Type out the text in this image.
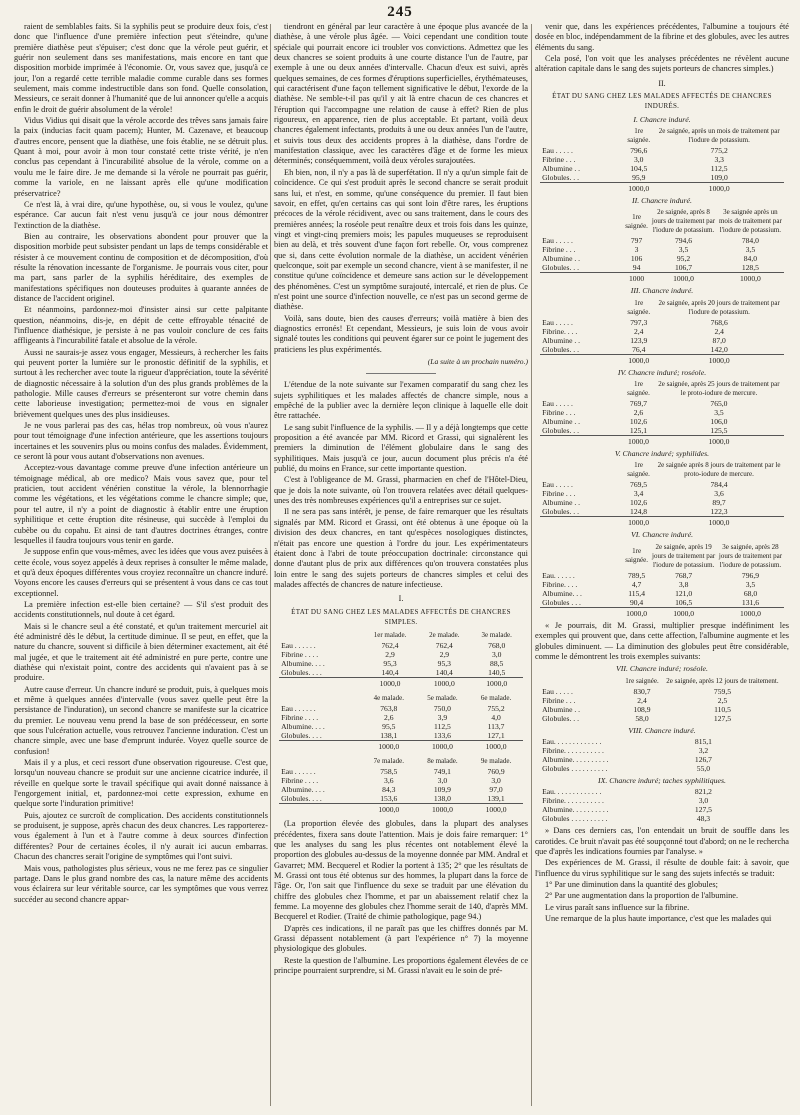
245

raient de semblables faits. Si la syphilis peut se produire deux fois, c'est donc que l'influence d'une première infection peut s'éteindre, qu'une première diathèse peut s'épuiser; c'est donc que la vérole peut guérir, et guérir non seulement dans ses manifestations, mais encore en tant que disposition morbide imprimée à l'économie. Or, vous savez que, jusqu'à ce jour, l'on a regardé cette terrible maladie comme curable dans ses formes seulement, mais comme indestructible dans son fond. Quelle consolation, Messieurs, ce serait donner à l'humanité que de lui annoncer qu'elle a acquis enfin le droit de guérir absolument de la vérole!

Vidus Vidius qui disait que la vérole accorde des trêves sans jamais faire la paix (inducias facit quam pacem); Hunter, M. Cazenave, et beaucoup d'autres encore, pensent que la diathèse, une fois établie, ne se détruit plus. Quant à moi, pour avoir à mon tour constaté cette triste vérité, je n'en conclus pas cependant à l'incurabilité absolue de la vérole, comme on a voulu me le faire dire. Je me demande si la vérole ne pourrait pas guérir, comme la variole, en ne laissant après elle qu'une modification préservatrice?

Ce n'est là, à vrai dire, qu'une hypothèse, ou, si vous le voulez, qu'une espérance. Car aucun fait n'est venu jusqu'à ce jour nous démontrer l'extinction de la diathèse.

Bien au contraire, les observations abondent pour prouver que la disposition morbide peut subsister pendant un laps de temps considérable et résister à ce mouvement continu de composition et de décomposition, d'où résulte la rénovation incessante de l'organisme. Je pourrais vous citer, pour ma part, sans parler de la syphilis héréditaire, des exemples de manifestations spécifiques non douteuses produites à quarante années de distance de l'accident originel.

Et néanmoins, pardonnez-moi d'insister ainsi sur cette palpitante question, néanmoins, dis-je, en dépit de cette effroyable ténacité de l'influence diathésique, je persiste à ne pas vouloir conclure de ces faits affligeants à l'incurabilité fatale et absolue de la vérole.

Aussi ne saurais-je assez vous engager, Messieurs, à rechercher les faits qui peuvent porter la lumière sur le pronostic définitif de la syphilis, et surtout à les rechercher avec toute la rigueur d'appréciation, toute la sévérité de diagnostic nécessaire à la solution d'un des plus grands problèmes de la pathologie. Mille causes d'erreurs se présenteront sur votre chemin dans cette laborieuse investigation; permettez-moi de vous en signaler brièvement quelques unes des plus insidieuses.

Je ne vous parlerai pas des cas, hélas trop nombreux, où vous n'aurez pour tout témoignage d'une infection antérieure, que les assertions toujours incertaines et les souvenirs plus ou moins confus des malades. Évidemment, ce seront là pour vous autant d'observations non avenues.

Acceptez-vous davantage comme preuve d'une infection antérieure un témoignage médical, ab ore medico? Mais vous savez que, pour tel praticien, tout accident vénérien constitue la vérole, la blennorrhagie comme les végétations, et les végétations comme le chancre simple; que, pour tel autre, il n'y a point de diagnostic à établir entre une éruption syphilitique et cette éruption dite résineuse, qui succède à l'emploi du cubèbe ou du copahu. Et ainsi de tant d'autres doctrines étranges, contre lesquelles il faudra toujours vous tenir en garde.

Je suppose enfin que vous-mêmes, avec les idées que vous avez puisées à cette école, vous soyez appelés à deux reprises à consulter le même malade, et qu'à deux époques différentes vous croyiez reconnaître un chancre induré. Voyons encore les causes d'erreurs qui se présentent à vous dans ce cas tout exceptionnel.

La première infection est-elle bien certaine? — S'il s'est produit des accidents constitutionnels, nul doute à cet égard.

Mais si le chancre seul a été constaté, et qu'un traitement mercuriel ait été administré dès le début, la certitude diminue. Il se peut, en effet, que la nature du chancre, souvent si difficile à bien déterminer exactement, ait été mal jugée, et que le traitement ait été administré en pure perte, contre une diathèse qui n'existait point, contre des accidents qui n'avaient pas à se produire.

Autre cause d'erreur. Un chancre induré se produit, puis, à quelques mois et même à quelques années d'intervalle (vous savez quelle peut être la persistance de l'induration), un second chancre se manifeste sur la cicatrice du premier. Le nouveau venu prend la base de son prédécesseur, en sorte que sous l'ulcération actuelle, vous retrouvez l'ancienne induration. C'est un chancre simple, avec une base d'emprunt indurée. Voyez quelle source de confusion!

Mais il y a plus, et ceci ressort d'une observation rigoureuse. C'est que, lorsqu'un nouveau chancre se produit sur une ancienne cicatrice indurée, il réveille en quelque sorte le travail spécifique qui avait donné naissance à l'engorgement initial, et, pardonnez-moi cette expression, exhume en quelque sorte l'induration primitive!

Puis, ajoutez ce surcroît de complication. Des accidents constitutionnels se produisent, je suppose, après chacun des deux chancres. Les rapporterez-vous également à l'un et à l'autre comme à deux sources d'infection différentes? Pour de certaines écoles, il n'y aurait ici aucun embarras. Chacun des chancres serait l'origine de symptômes qui l'ont suivi.

Mais vous, pathologistes plus sérieux, vous ne me ferez pas ce singulier partage. Dans le plus grand nombre des cas, la nature même des accidents vous éclairera sur leur véritable source, car les symptômes que vous verrez succéder au second chancre appar-

tiendront en général par leur caractère à une époque plus avancée de la diathèse, à une vérole plus âgée. — Voici cependant une condition toute spéciale qui pourrait encore ici troubler vos convictions. Admettez que les deux chancres se soient produits à une courte distance l'un de l'autre, par exemple à une ou deux années d'intervalle. Chacun d'eux est suivi, après quelques semaines, de ces formes d'éruptions superficielles, érythémateuses, qui caractérisent d'une façon tellement significative le début, l'exorde de la diathèse. Ne semble-t-il pas qu'il y ait là entre chacun de ces chancres et l'éruption qui l'accompagne une relation de cause à effet? Rien de plus rigoureux, en apparence, rien de plus acceptable. Et partant, voilà deux chancres également infectants, produits à une ou deux années l'un de l'autre, et suivis tous deux des accidents propres à la diathèse, dans l'ordre de manifestation classique, avec les caractères d'âge et de forme les mieux déterminés; conséquemment, voilà deux véroles surajoutées.

Eh bien, non, il n'y a pas là de superfétation. Il n'y a qu'un simple fait de coïncidence. Ce qui s'est produit après le second chancre se serait produit sans lui, et n'est, en somme, qu'une conséquence du premier. Il faut bien savoir, en effet, qu'en certains cas qui sont loin d'être rares, les éruptions précoces de la vérole récidivent, avec ou sans traitement, dans le cours des premières années; la roséole peut renaître deux et trois fois dans les quinze, vingt et vingt-cinq premiers mois; les papules muqueuses se reproduisent bien au delà, et très souvent d'une façon fort rebelle. Or, vous comprenez que si, dans cette évolution normale de la diathèse, un accident vénérien quelconque, soit par exemple un second chancre, vient à se manifester, il ne constitue qu'une coïncidence et demeure sans action sur le développement des phénomènes. C'est un symptôme surajouté, intercalé, et rien de plus. Ce n'est point une source d'infection nouvelle, ce n'est pas un second germe de diathèse.

Voilà, sans doute, bien des causes d'erreurs; voilà matière à bien des diagnostics erronés! Et cependant, Messieurs, je suis loin de vous avoir signalé toutes les conditions qui peuvent égarer sur ce point le jugement des praticiens les plus expérimentés.

(La suite à un prochain numéro.)

L'étendue de la note suivante sur l'examen comparatif du sang chez les sujets syphilitiques et les malades affectés de chancre simple, nous a empêché de la publier avec la dernière leçon clinique à laquelle elle doit être rattachée.

Le sang subit l'influence de la syphilis. — Il y a déjà longtemps que cette proposition a été avancée par MM. Ricord et Grassi, qui signalèrent les premiers la diminution de l'élément globulaire dans le sang des syphilitiques. Mais jusqu'à ce jour, aucun document plus précis n'a été publié, du moins en France, sur cette importante question.

C'est à l'obligeance de M. Grassi, pharmacien en chef de l'Hôtel-Dieu, que je dois la note suivante, où l'on trouvera relatées avec détail quelques-unes des très nombreuses expériences qu'il a entreprises sur ce sujet.

Il ne sera pas sans intérêt, je pense, de faire remarquer que les résultats signalés par MM. Ricord et Grassi, ont été obtenus à une époque où la division des deux chancres, en tant qu'espèces nosologiques distinctes, n'était pas encore une question à l'ordre du jour. Les expérimentateurs étaient donc à l'abri de toute préoccupation doctrinale: circonstance qui donne d'autant plus de prix aux différences qu'on trouvera constatées plus loin entre le sang des sujets porteurs de chancres simples et celui des malades affectés de chancres de nature infectieuse.

I.
ÉTAT DU SANG CHEZ LES MALADES AFFECTÉS DE CHANCRES SIMPLES.
	1er malade.	2e malade.	3e malade.
Eau . . . . . .	762,4	762,4	768,0
Fibrine . . . .	2,9	2,9	3,0
Albumine. . . .	95,3	95,3	88,5
Globules. . . .	140,4	140,4	140,5
	1000,0	1000,0	1000,0
	4e malade.	5e malade.	6e malade.
Eau . . . . . .	763,8	750,0	755,2
Fibrine . . . .	2,6	3,9	4,0
Albumine. . . .	95,5	112,5	113,7
Globules. . . .	138,1	133,6	127,1
	1000,0	1000,0	1000,0
	7e malade.	8e malade.	9e malade.
Eau . . . . . .	758,5	749,1	760,9
Fibrine . . . .	3,6	3,0	3,0
Albumine. . . .	84,3	109,9	97,0
Globules. . . .	153,6	138,0	139,1
	1000,0	1000,0	1000,0

(La proportion élevée des globules, dans la plupart des analyses précédentes, fixera sans doute l'attention. Mais je dois faire remarquer: 1° que les analyses du sang les plus récentes ont notablement élevé la proportion des globules au-dessus de la moyenne donnée par MM. Andral et Gavarret; MM. Becquerel et Rodier la portent à 135; 2° que les résultats de M. Grassi ont tous été obtenus sur des hommes, la plupart dans la force de l'âge. Or, l'on sait que l'influence du sexe se traduit par une élévation du chiffre des globules chez l'homme, et par un abaissement relatif chez la femme. La moyenne des globules chez l'homme serait de 140, d'après MM. Becquerel et Rodier. (Traité de chimie pathologique, page 94.)

D'après ces indications, il ne paraît pas que les chiffres donnés par M. Grassi dépassent notablement (à part l'expérience n° 7) la moyenne physiologique des globules.

Reste la question de l'albumine. Les proportions également élevées de ce principe pourraient surprendre, si M. Grassi n'avait eu le soin de pré-

venir que, dans les expériences précédentes, l'albumine a toujours été dosée en bloc, indépendamment de la fibrine et des globules, avec les autres éléments du sang.

Cela posé, l'on voit que les analyses précédentes ne révèlent aucune altération capitale dans le sang des sujets porteurs de chancres simples.)

II.
ÉTAT DU SANG CHEZ LES MALADES AFFECTÉS DE CHANCRES INDURÉS.
I. Chancre induré.
	1re saignée.	2e saignée, après un mois de traitement par l'iodure de potassium.
Eau . . . . .	796,6	775,2
Fibrine . . .	3,0	3,3
Albumine . .	104,5	112,5
Globules. . .	95,9	109,0
	1000,0	1000,0
II. Chancre induré.
	1re saignée.	2e saignée, après 8 jours de traitement par l'iodure de potassium.	3e saignée après un mois de traitement par l'iodure de potassium.
Eau . . . . .	797	794,6	784,0
Fibrine . . .	3	3,5	3,5
Albumine . .	106	95,2	84,0
Globules. . .	94	106,7	128,5
	1000	1000,0	1000,0
III. Chancre induré.
	1re saignée.	2e saignée, après 20 jours de traitement par l'iodure de potassium.
Eau . . . . .	797,3	768,6
Fibrine. . . .	2,4	2,4
Albumine . .	123,9	87,0
Globules. . .	76,4	142,0
	1000,0	1000,0
IV. Chancre induré; roséole.
	1re saignée.	2e saignée, après 25 jours de traitement par le proto-iodure de mercure.
Eau . . . . .	769,7	765,0
Fibrine . . .	2,6	3,5
Albumine . .	102,6	106,0
Globules. . .	125,1	125,5
	1000,0	1000,0
V. Chancre induré; syphilides.
	1re saignée.	2e saignée après 8 jours de traitement par le proto-iodure de mercure.
Eau . . . . .	769,5	784,4
Fibrine . . .	3,4	3,6
Albumine . .	102,6	89,7
Globules. . .	124,8	122,3
	1000,0	1000,0
VI. Chancre induré.
	1re saignée.	2e saignée, après 19 jours de traitement par l'iodure de potassium.	3e saignée, après 28 jours de traitement par l'iodure de potassium.
Eau. . . . . .	789,5	768,7	796,9
Fibrine. . . .	4,7	3,8	3,5
Albumine. . .	115,4	121,0	68,0
Globules . . .	90,4	106,5	131,6
	1000,0	1000,0	1000,0

« Je pourrais, dit M. Grassi, multiplier presque indéfiniment les exemples qui prouvent que, dans cette affection, l'albumine augmente et les globules diminuent. — La diminution des globules peut être considérable, comme le démontrent les trois exemples suivants:

VII. Chancre induré; roséole.
	1re saignée.	2e saignée, après 12 jours de traitement.
Eau . . . . .	830,7	759,5
Fibrine . . .	2,4	2,5
Albumine . .	108,9	110,5
Globules. . .	58,0	127,5
VIII. Chancre induré.
Eau. . . . . . . . . . . . .	815,1
Fibrine. . . . . . . . . . .	3,2
Albumine. . . . . . . . . .	126,7
Globules . . . . . . . . . .	55,0
IX. Chancre induré; taches syphilitiques.
Eau. . . . . . . . . . . . .	821,2
Fibrine. . . . . . . . . . .	3,0
Albumine. . . . . . . . . .	127,5
Globules . . . . . . . . . .	48,3

» Dans ces derniers cas, l'on entendait un bruit de souffle dans les carotides. Ce bruit n'avait pas été soupçonné tout d'abord; on ne le rechercha que d'après les indications fournies par l'analyse. »

Des expériences de M. Grassi, il résulte de double fait: à savoir, que l'influence du virus syphilitique sur le sang des sujets infectés se traduit:

1° Par une diminution dans la quantité des globules;

2° Par une augmentation dans la proportion de l'albumine.

Le virus paraît sans influence sur la fibrine.

Une remarque de la plus haute importance, c'est que les malades qui
